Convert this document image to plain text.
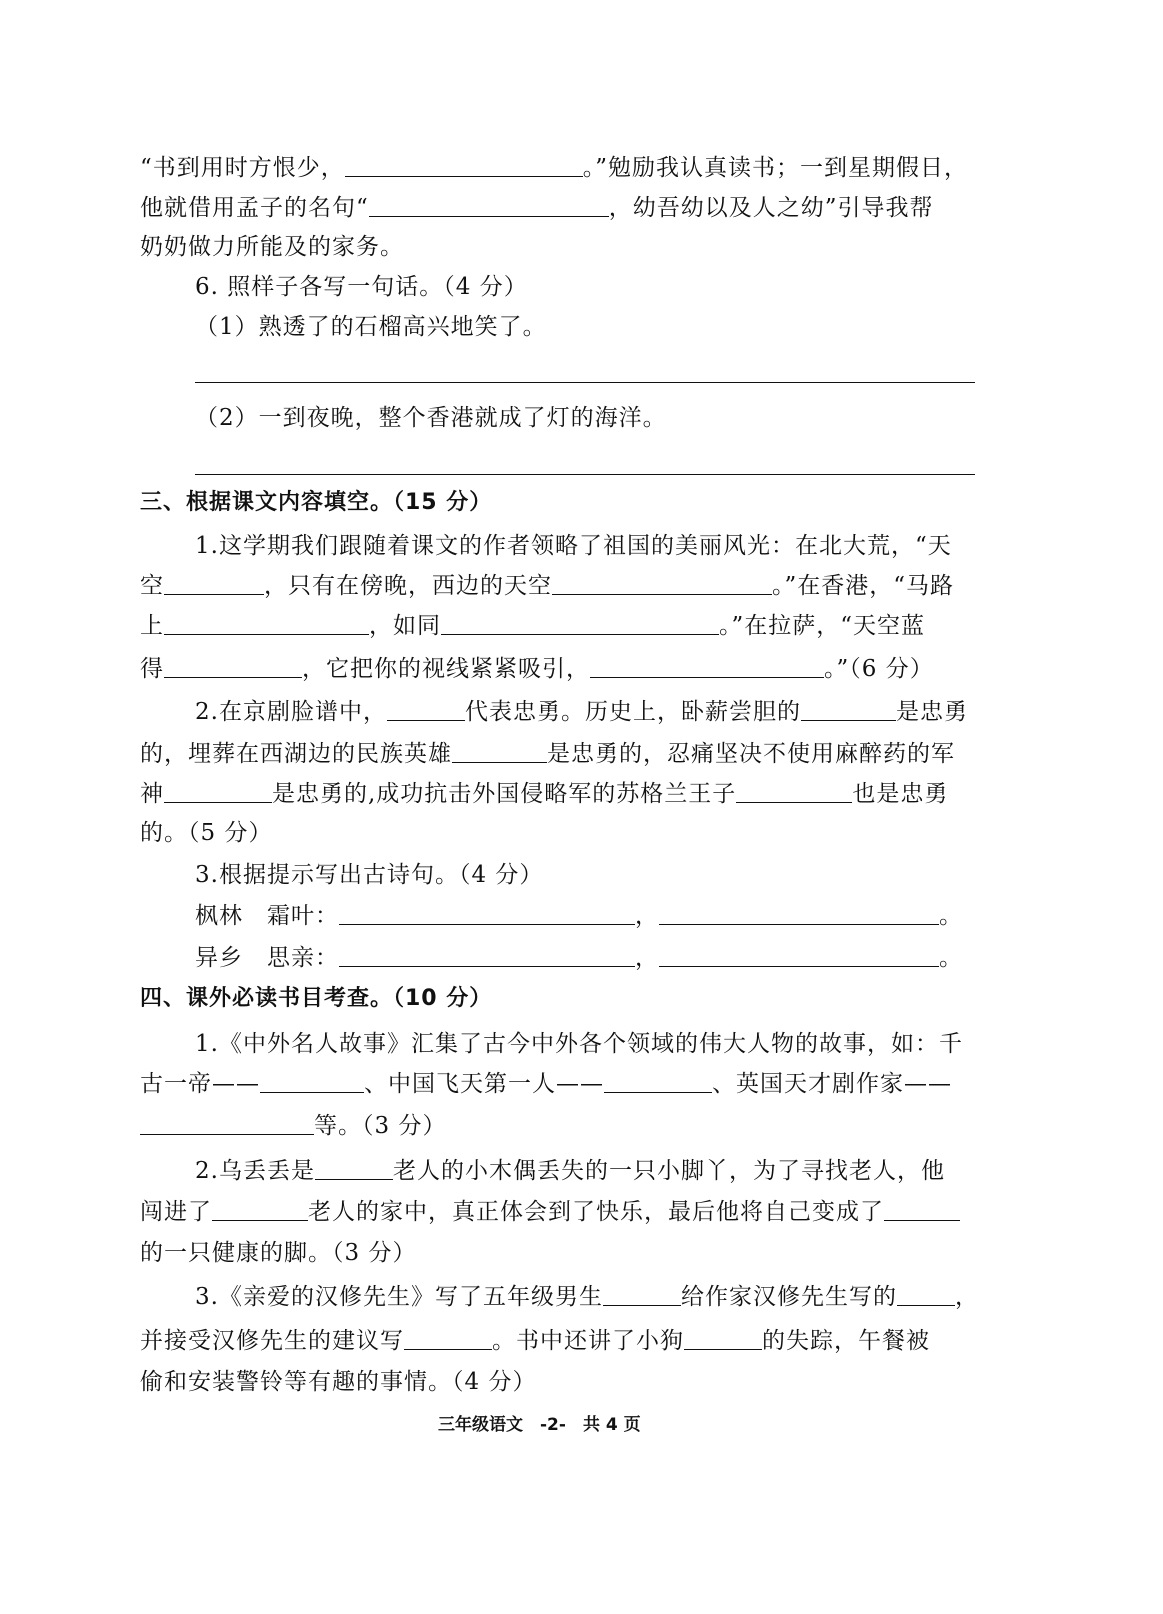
“书到用时方恨少，	。”勉励我认真读书；一到星期假日，
他就借用孟子的名句“	，幼吾幼以及人之幼”引导我帮
奶奶做力所能及的家务。
6. 照样子各写一句话。（4 分）
（1）熟透了的石榴高兴地笑了。
（2）一到夜晚，整个香港就成了灯的海洋。
三、根据课文内容填空。（15 分）
1.这学期我们跟随着课文的作者领略了祖国的美丽风光：在北大荒，“天
空	，只有在傍晚，西边的天空	。”在香港，“马路
上	，如同	。”在拉萨，“天空蓝
得	，它把你的视线紧紧吸引，	。”（6 分）
2.在京剧脸谱中，	代表忠勇。历史上，卧薪尝胆的	是忠勇
的，埋葬在西湖边的民族英雄	是忠勇的，忍痛坚决不使用麻醉药的军
神	是忠勇的,成功抗击外国侵略军的苏格兰王子	也是忠勇
的。（5 分）
3.根据提示写出古诗句。（4 分）
枫林　霜叶：	，	。
异乡　思亲：	，	。
四、课外必读书目考查。（10 分）
1.《中外名人故事》汇集了古今中外各个领域的伟大人物的故事，如：千
古一帝——	、中国飞天第一人——	、英国天才剧作家——
等。（3 分）
2.乌丢丢是	老人的小木偶丢失的一只小脚丫，为了寻找老人，他
闯进了	老人的家中，真正体会到了快乐，最后他将自己变成了
的一只健康的脚。（3 分）
3.《亲爱的汉修先生》写了五年级男生	给作家汉修先生写的	，
并接受汉修先生的建议写	。书中还讲了小狗	的失踪，午餐被
偷和安装警铃等有趣的事情。（4 分）
三年级语文　-2-　共 4 页
